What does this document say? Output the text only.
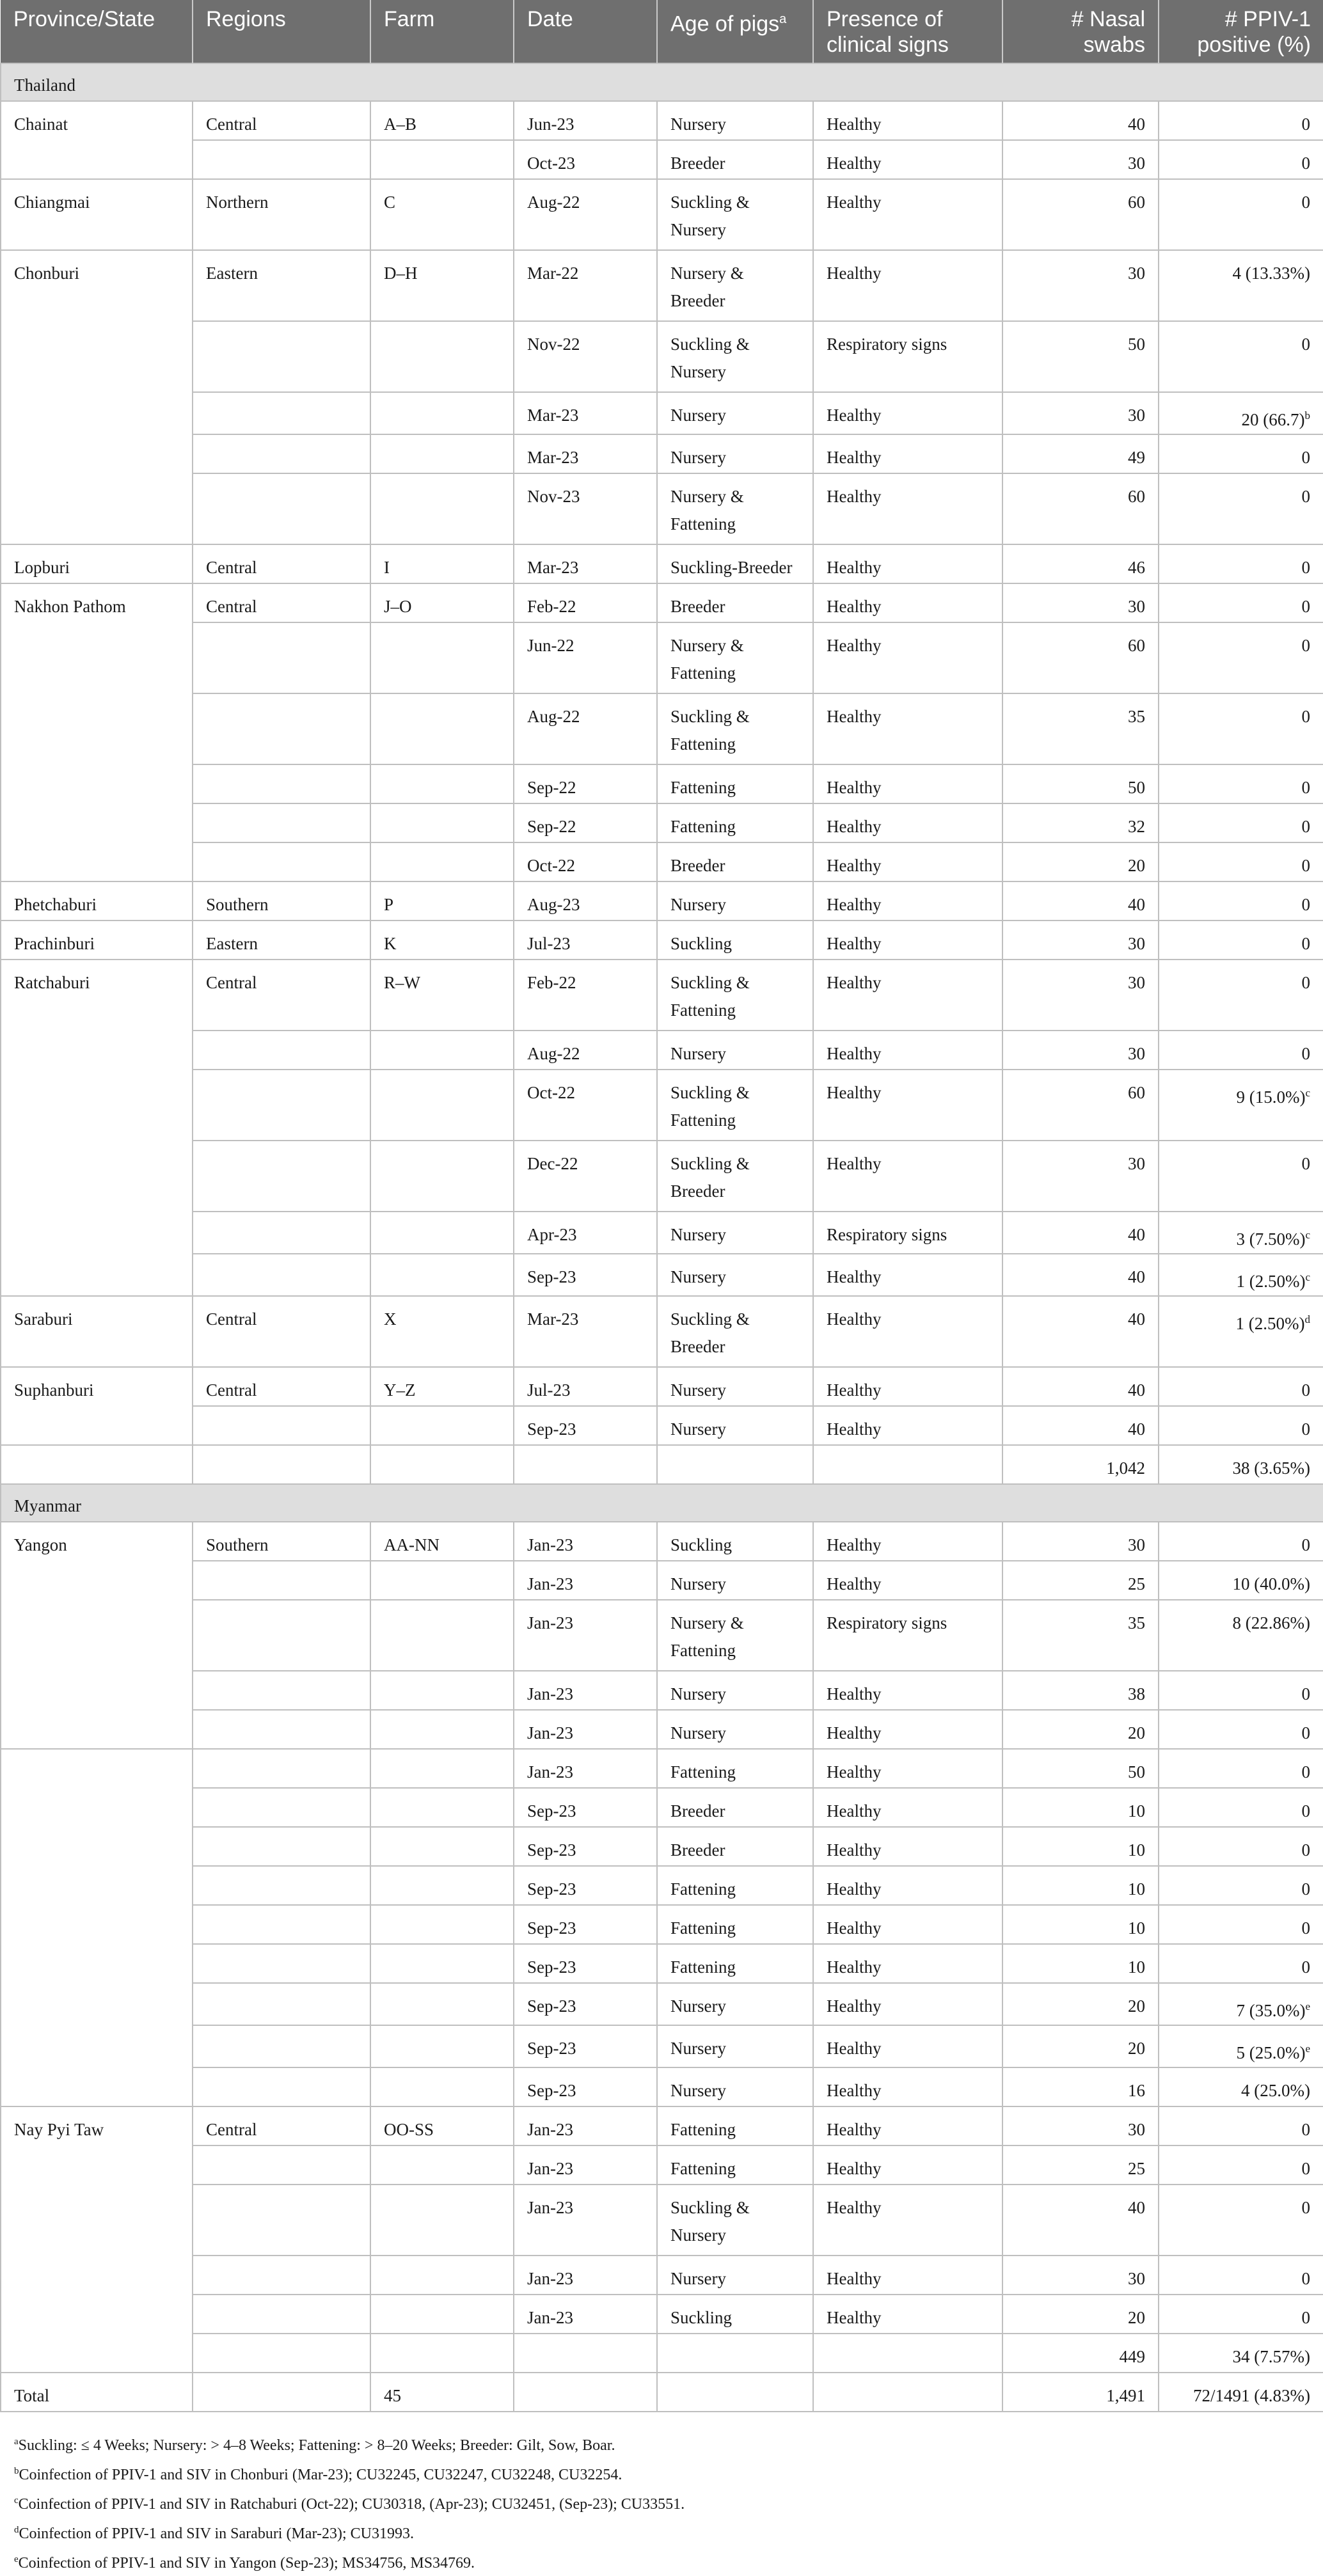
Province/State	Regions	Farm	Date	Age of pigs$^a$	Presence of clinical signs	# Nasal swabs	# PPIV-1 positive (%)
Thailand							
Chainat	Central	A–B	Jun-23	Nursery	Healthy	40	0
			Oct-23	Breeder	Healthy	30	0
Chiangmai	Northern	C	Aug-22	Suckling & Nursery	Healthy	60	0
Chonburi	Eastern	D–H	Mar-22	Nursery & Breeder	Healthy	30	4 (13.33%)
			Nov-22	Suckling & Nursery	Respiratory signs	50	0
			Mar-23	Nursery	Healthy	30	20 $(66.7)^b$
			Mar-23	Nursery	Healthy	49	0
			Nov-23	Nursery & Fattening	Healthy	60	0
Lopburi	Central	I	Mar-23	Suckling-Breeder	Healthy	46	0
Nakhon Pathom	Central	J–O	Feb-22	Breeder	Healthy	30	0
			Jun-22	Nursery & Fattening	Healthy	60	0
			Aug-22	Suckling & Fattening	Healthy	35	0
			Sep-22	Fattening	Healthy	50	0
			Sep-22	Fattening	Healthy	32	0
			Oct-22	Breeder	Healthy	20	0
Phetchaburi	Southern	P	Aug-23	Nursery	Healthy	40	0
Prachinburi	Eastern	K	Jul-23	Suckling	Healthy	30	0
Ratchaburi	Central	R–W	Feb-22	Suckling & Fattening	Healthy	30	0
			Aug-22	Nursery	Healthy	30	0
			Oct-22	Suckling & Fattening	Healthy	60	9 $(15.0\%)^c$
			Dec-22	Suckling & Breeder	Healthy	30	0
			Apr-23	Nursery	Respiratory signs	40	3 $(7.50\%)^c$
			Sep-23	Nursery	Healthy	40	1 $(2.50\%)^c$
Saraburi	Central	X	Mar-23	Suckling & Breeder	Healthy	40	1 $(2.50\%)^d$
Suphanburi	Central	Y–Z	Jul-23	Nursery	Healthy	40	0
			Sep-23	Nursery	Healthy	40	0
						1,042	38 (3.65%)
Myanmar							
Yangon	Southern	AA-NN	Jan-23	Suckling	Healthy	30	0
			Jan-23	Nursery	Healthy	25	10 (40.0%)
			Jan-23	Nursery & Fattening	Respiratory signs	35	8 (22.86%)
			Jan-23	Nursery	Healthy	38	0
			Jan-23	Nursery	Healthy	20	0
			Jan-23	Fattening	Healthy	50	0
			Sep-23	Breeder	Healthy	10	0
			Sep-23	Breeder	Healthy	10	0
			Sep-23	Fattening	Healthy	10	0
			Sep-23	Fattening	Healthy	10	0
			Sep-23	Fattening	Healthy	10	0
			Sep-23	Nursery	Healthy	20	7 $(35.0\%)^e$
			Sep-23	Nursery	Healthy	20	5 $(25.0\%)^e$
			Sep-23	Nursery	Healthy	16	4 (25.0%)
Nay Pyi Taw	Central	OO-SS	Jan-23	Fattening	Healthy	30	0
			Jan-23	Fattening	Healthy	25	0
			Jan-23	Suckling & Nursery	Healthy	40	0
			Jan-23	Nursery	Healthy	30	0
			Jan-23	Suckling	Healthy	20	0
						449	34 (7.57%)
Total		45				1,491	72/1491 (4.83%)
$^a$Suckling: ≤ 4 Weeks; Nursery: > 4–8 Weeks; Fattening: > 8–20 Weeks; Breeder: Gilt, Sow, Boar.
$^b$Coinfection of PPIV-1 and SIV in Chonburi (Mar-23); CU32245, CU32247, CU32248, CU32254.
$^c$Coinfection of PPIV-1 and SIV in Ratchaburi (Oct-22); CU30318, (Apr-23); CU32451, (Sep-23); CU33551.
$^d$Coinfection of PPIV-1 and SIV in Saraburi (Mar-23); CU31993.
$^e$Coinfection of PPIV-1 and SIV in Yangon (Sep-23); MS34756, MS34769.
